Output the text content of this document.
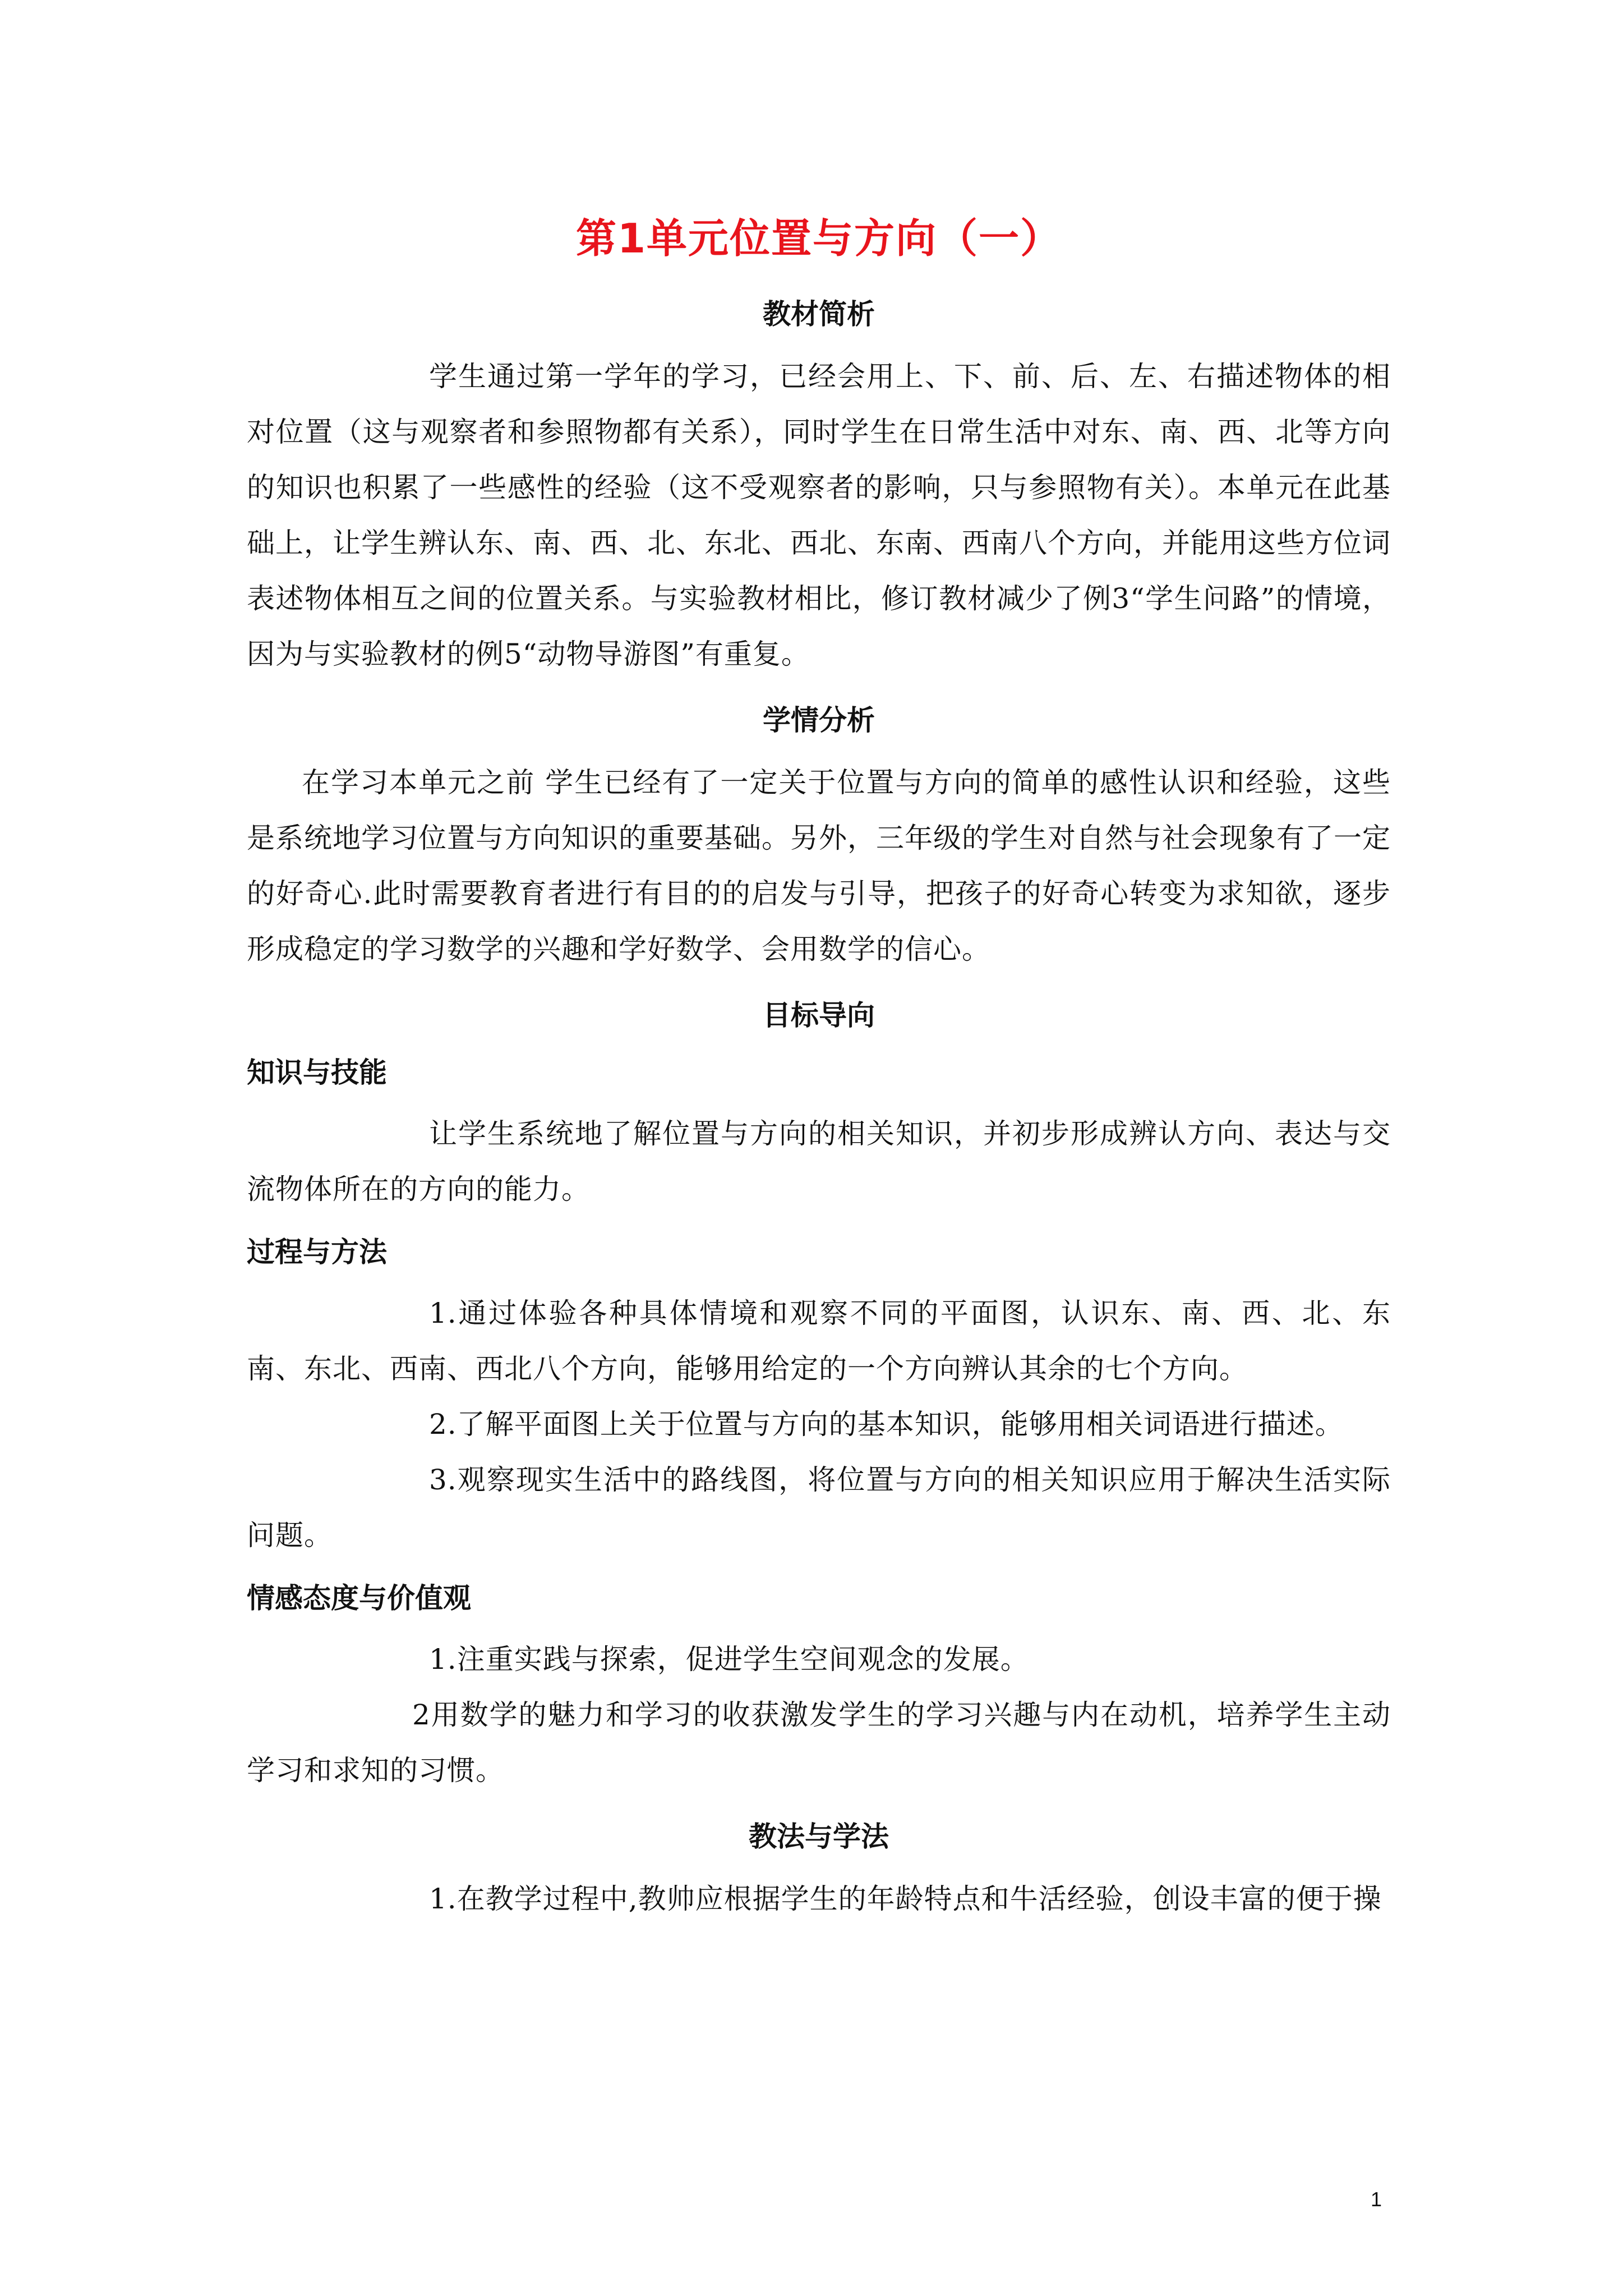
第1单元位置与方向（一）
教材简析

学生通过第一学年的学习，已经会用上、下、前、后、左、右描述物体的相对位置（这与观察者和参照物都有关系），同时学生在日常生活中对东、南、西、北等方向的知识也积累了一些感性的经验（这不受观察者的影响，只与参照物有关）。本单元在此基础上，让学生辨认东、南、西、北、东北、西北、东南、西南八个方向，并能用这些方位词表述物体相互之间的位置关系。与实验教材相比，修订教材减少了例3“学生问路”的情境，因为与实验教材的例5“动物导游图”有重复。

学情分析

在学习本单元之前 学生已经有了一定关于位置与方向的简单的感性认识和经验，这些是系统地学习位置与方向知识的重要基础。另外，三年级的学生对自然与社会现象有了一定的好奇心.此时需要教育者进行有目的的启发与引导，把孩子的好奇心转变为求知欲，逐步形成稳定的学习数学的兴趣和学好数学、会用数学的信心。

目标导向
知识与技能

让学生系统地了解位置与方向的相关知识，并初步形成辨认方向、表达与交流物体所在的方向的能力。

过程与方法

1.通过体验各种具体情境和观察不同的平面图，认识东、南、西、北、东南、东北、西南、西北八个方向，能够用给定的一个方向辨认其余的七个方向。

2.了解平面图上关于位置与方向的基本知识，能够用相关词语进行描述。

3.观察现实生活中的路线图，将位置与方向的相关知识应用于解决生活实际问题。

情感态度与价值观

1.注重实践与探索，促进学生空间观念的发展。

2用数学的魅力和学习的收获激发学生的学习兴趣与内在动机，培养学生主动学习和求知的习惯。

教法与学法

1.在教学过程中,教帅应根据学生的年龄特点和牛活经验，创设丰富的便于操

1
